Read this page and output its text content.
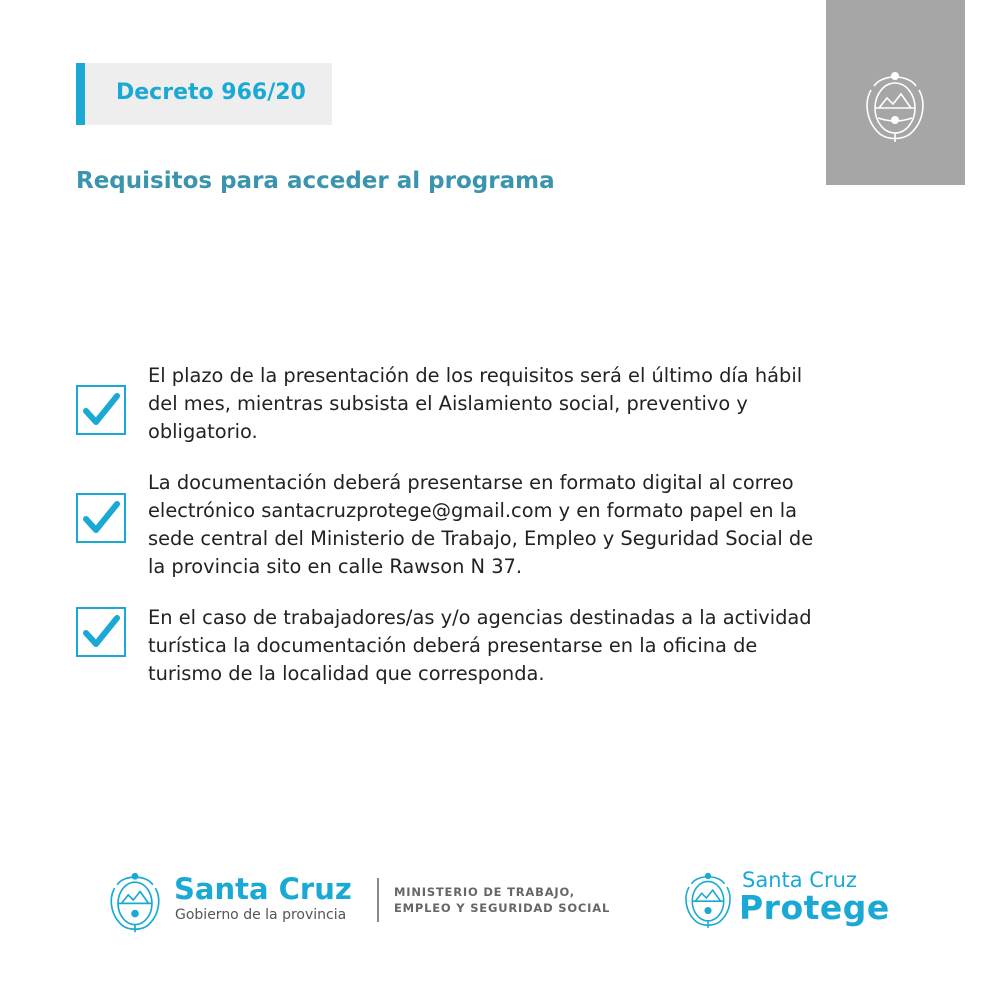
Decreto 966/20
Requisitos para acceder al programa

El plazo de la presentación de los requisitos será el último día hábil
del mes, mientras subsista el Aislamiento social, preventivo y
obligatorio.

La documentación deberá presentarse en formato digital al correo
electrónico santacruzprotege@gmail.com y en formato papel en la
sede central del Ministerio de Trabajo, Empleo y Seguridad Social de
la provincia sito en calle Rawson N 37.

En el caso de trabajadores/as y/o agencias destinadas a la actividad
turística la documentación deberá presentarse en la oficina de
turismo de la localidad que corresponda.

Santa Cruz
Gobierno de la provincia
MINISTERIO DE TRABAJO,
EMPLEO Y SEGURIDAD SOCIAL
Santa Cruz
Protege
